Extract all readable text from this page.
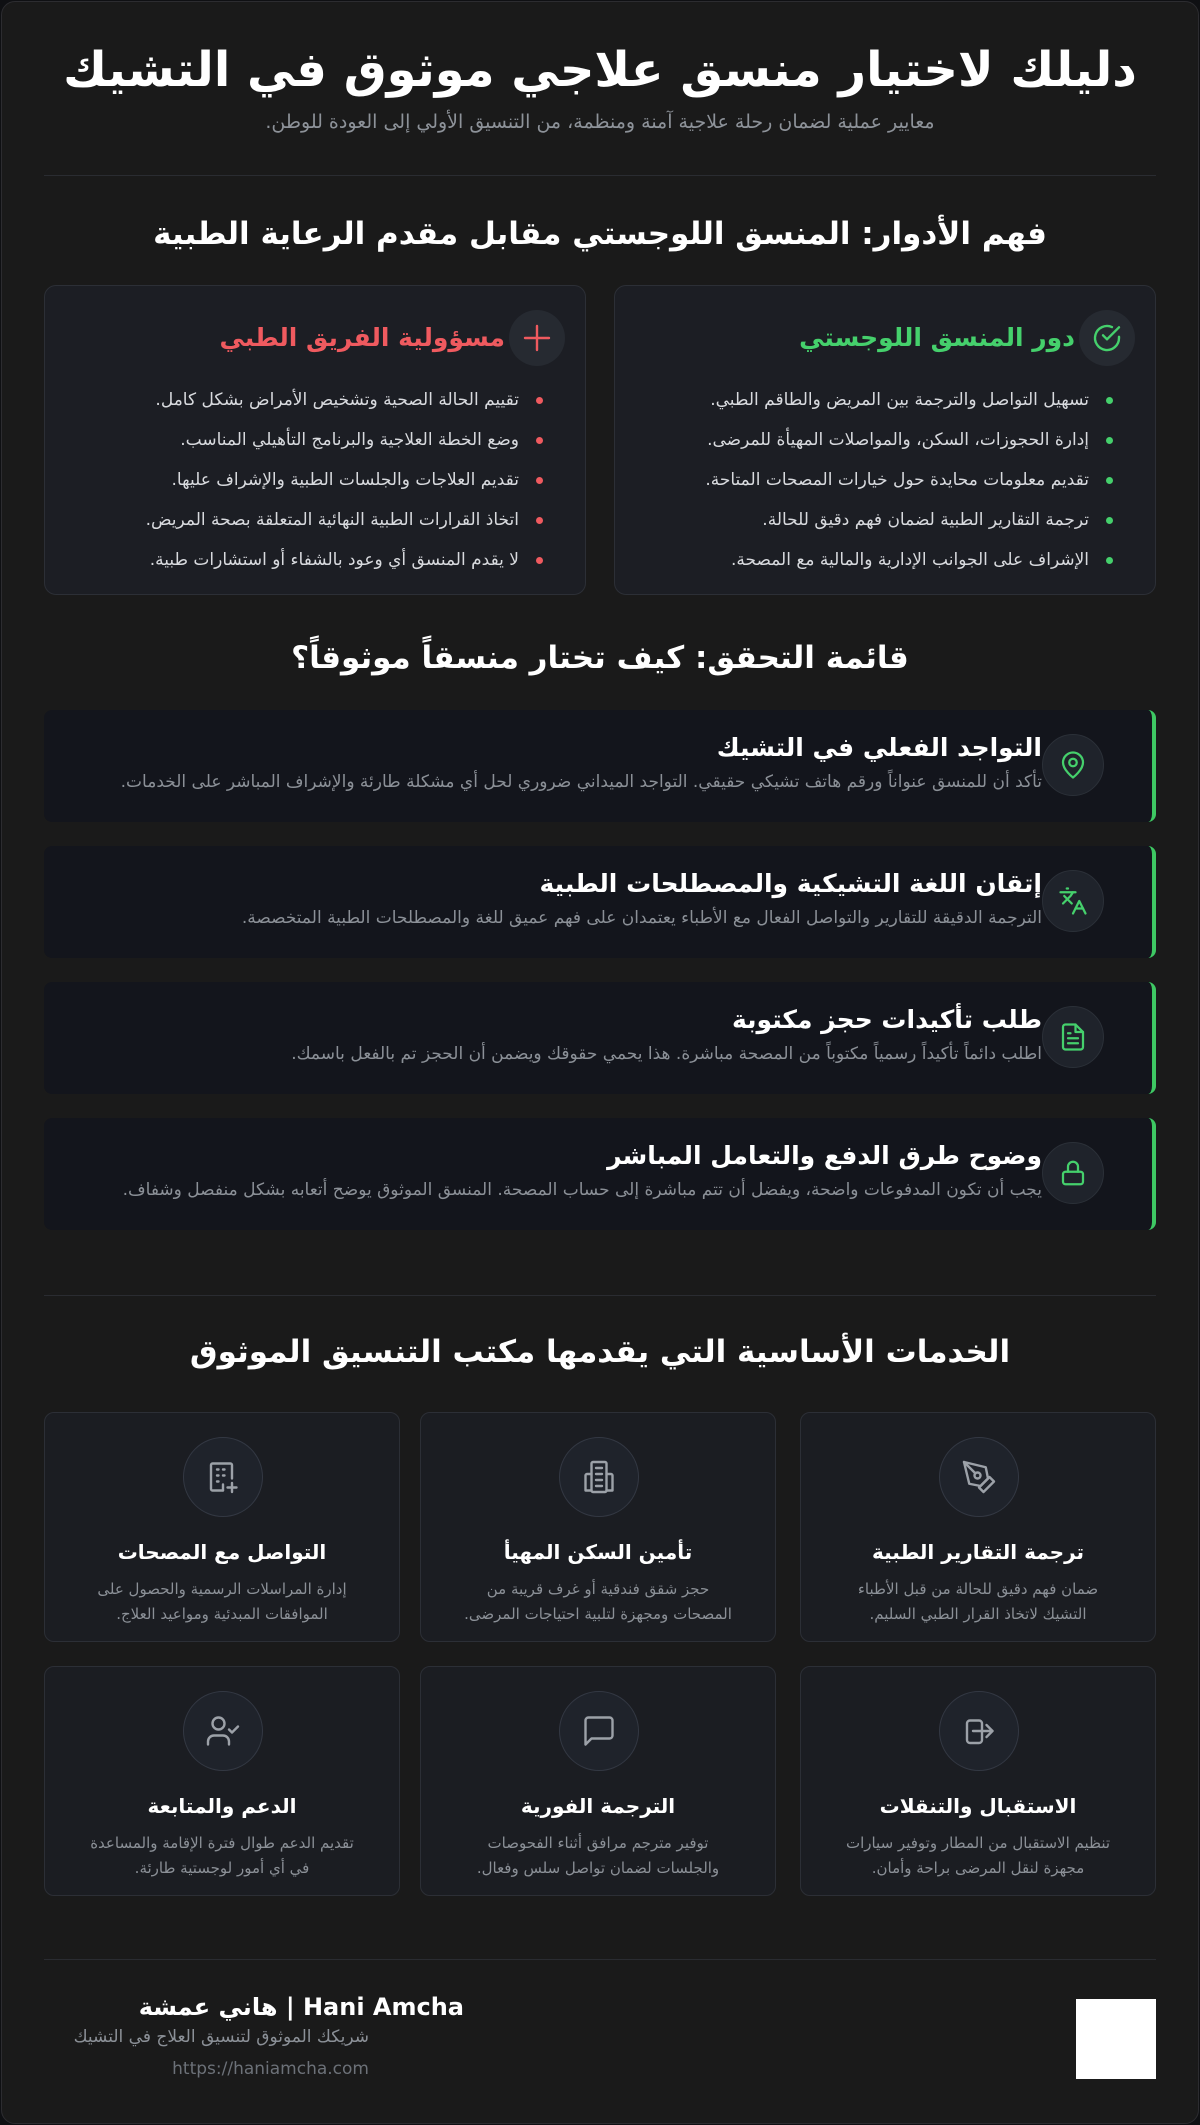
دليلك لاختيار منسق علاجي موثوق في التشيك

معايير عملية لضمان رحلة علاجية آمنة ومنظمة، من التنسيق الأولي إلى العودة للوطن.

فهم الأدوار: المنسق اللوجستي مقابل مقدم الرعاية الطبية
دور المنسق اللوجستي
تسهيل التواصل والترجمة بين المريض والطاقم الطبي.
إدارة الحجوزات، السكن، والمواصلات المهيأة للمرضى.
تقديم معلومات محايدة حول خيارات المصحات المتاحة.
ترجمة التقارير الطبية لضمان فهم دقيق للحالة.
الإشراف على الجوانب الإدارية والمالية مع المصحة.
مسؤولية الفريق الطبي
تقييم الحالة الصحية وتشخيص الأمراض بشكل كامل.
وضع الخطة العلاجية والبرنامج التأهيلي المناسب.
تقديم العلاجات والجلسات الطبية والإشراف عليها.
اتخاذ القرارات الطبية النهائية المتعلقة بصحة المريض.
لا يقدم المنسق أي وعود بالشفاء أو استشارات طبية.
قائمة التحقق: كيف تختار منسقاً موثوقاً؟
التواجد الفعلي في التشيك

تأكد أن للمنسق عنواناً ورقم هاتف تشيكي حقيقي. التواجد الميداني ضروري لحل أي مشكلة طارئة والإشراف المباشر على الخدمات.

إتقان اللغة التشيكية والمصطلحات الطبية

الترجمة الدقيقة للتقارير والتواصل الفعال مع الأطباء يعتمدان على فهم عميق للغة والمصطلحات الطبية المتخصصة.

طلب تأكيدات حجز مكتوبة

اطلب دائماً تأكيداً رسمياً مكتوباً من المصحة مباشرة. هذا يحمي حقوقك ويضمن أن الحجز تم بالفعل باسمك.

وضوح طرق الدفع والتعامل المباشر

يجب أن تكون المدفوعات واضحة، ويفضل أن تتم مباشرة إلى حساب المصحة. المنسق الموثوق يوضح أتعابه بشكل منفصل وشفاف.

الخدمات الأساسية التي يقدمها مكتب التنسيق الموثوق
ترجمة التقارير الطبية

ضمان فهم دقيق للحالة من قبل الأطباء التشيك لاتخاذ القرار الطبي السليم.

تأمين السكن المهيأ

حجز شقق فندقية أو غرف قريبة من المصحات ومجهزة لتلبية احتياجات المرضى.

التواصل مع المصحات

إدارة المراسلات الرسمية والحصول على الموافقات المبدئية ومواعيد العلاج.

الاستقبال والتنقلات

تنظيم الاستقبال من المطار وتوفير سيارات مجهزة لنقل المرضى براحة وأمان.

الترجمة الفورية

توفير مترجم مرافق أثناء الفحوصات والجلسات لضمان تواصل سلس وفعال.

الدعم والمتابعة

تقديم الدعم طوال فترة الإقامة والمساعدة في أي أمور لوجستية طارئة.

Hani Amcha | هاني عمشة
شريكك الموثوق لتنسيق العلاج في التشيك
https://haniamcha.com
